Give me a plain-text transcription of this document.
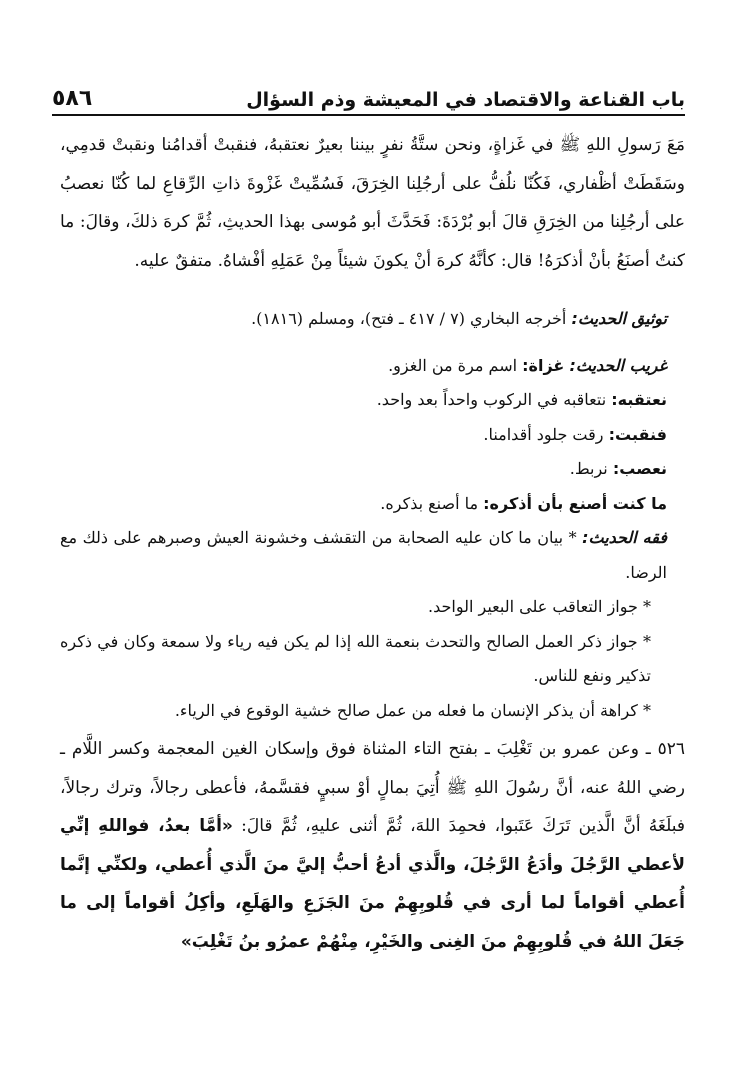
باب القناعة والاقتصاد في المعيشة وذم السؤال
٥٨٦

مَعَ رَسولِ اللهِ ﷺ في غَزاةٍ، ونحن ستَّةُ نفرٍ بيننا بعيرٌ نعتقبهُ، فنقبتْ أقدامُنا ونقبتْ قدمِي، وسَقَطَتْ أظْفاري، فَكُنّا نلُفُّ على أرجُلِنا الخِرَقَ، فَسُمِّيتْ غَزْوةَ ذاتِ الرِّقاعِ لما كُنّا نعصبُ على أرجُلِنا من الخِرَقِ قالَ أبو بُرْدَةَ: فَحَدَّثَ أبو مُوسى بهذا الحديثِ، ثُمَّ كرهَ ذلكَ، وقالَ: ما كنتُ أصنَعُ بأنْ أذكرَهُ! قال: كأنَّهُ كرهَ أنْ يكونَ شيئاً مِنْ عَمَلِهِ أفْشاهُ. متفقٌ عليه.

توثيق الحديث: أخرجه البخاري (٧ / ٤١٧ ـ فتح)، ومسلم (١٨١٦).

غريب الحديث: غزاة: اسم مرة من الغزو.

نعتقبه: نتعاقبه في الركوب واحداً بعد واحد.

فنقبت: رقت جلود أقدامنا.

نعصب: نربط.

ما كنت أصنع بأن أذكره: ما أصنع بذكره.

فقه الحديث: * بيان ما كان عليه الصحابة من التقشف وخشونة العيش وصبرهم على ذلك مع الرضا.

* جواز التعاقب على البعير الواحد.

* جواز ذكر العمل الصالح والتحدث بنعمة الله إذا لم يكن فيه رياء ولا سمعة وكان في ذكره تذكير ونفع للناس.

* كراهة أن يذكر الإنسان ما فعله من عمل صالح خشية الوقوع في الرياء.

٥٢٦ ـ وعن عمرو بن تَغْلِبَ ـ بفتح التاء المثناة فوق وإسكان الغين المعجمة وكسر اللَّام ـ رضي اللهُ عنه، أنَّ رسُولَ اللهِ ﷺ أُتِيَ بمالٍ أوْ سبيٍ فقسَّمهُ، فأعطى رجالاً، وترك رجالاً، فبلَغَهُ أنَّ الَّذين تَرَكَ عَتَبوا، فحمِدَ اللهَ، ثُمَّ أثنى عليهِ، ثُمَّ قالَ: «أمَّا بعدُ، فواللهِ إنِّي لأعطي الرَّجُلَ وأدَعُ الرَّجُلَ، والَّذي أدعُ أحبُّ إليَّ منَ الَّذي أُعطي، ولكنِّي إنَّما أُعطي أقواماً لما أرى في قُلوبِهِمْ منَ الجَزَعِ والهَلَعِ، وأكِلُ أقواماً إلى ما جَعَلَ اللهُ في قُلوبِهِمْ منَ الغِنى والخَيْرِ، مِنْهُمْ عمرُو بنُ تَغْلِبَ»
